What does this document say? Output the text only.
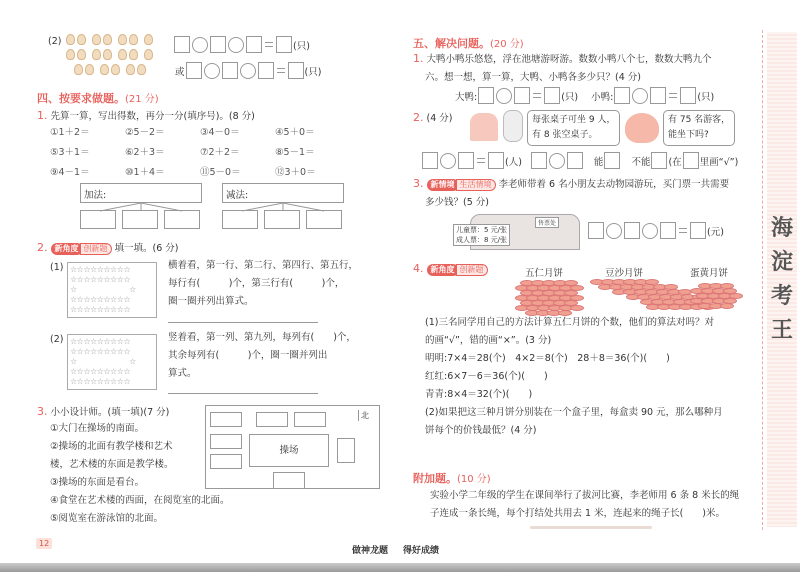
(2)	(只)
或	(只)
四、按要求做题。(21 分)
1. 先算一算，写出得数，再分一分(填序号)。(8 分)
①1＋2＝	②5－2＝	③4－0＝	④5＋0＝
⑤3＋1＝	⑥2＋3＝	⑦2＋2＝	⑧5－1＝
⑨4－1＝	⑩1＋4＝	⑪5－0＝	⑫3＋0＝
加法:	减法:
2. 新角度 创新题 填一填。(6 分)
(1) ☆☆☆☆☆☆☆☆☆
☆☆☆☆☆☆☆☆☆
☆　　　　　　　☆
☆☆☆☆☆☆☆☆☆
☆☆☆☆☆☆☆☆☆
横着看，第一行、第二行、第四行、第五行，
每行有(　　　)个，第三行有(　　　)个，
圈一圈并列出算式。
(2) ☆☆☆☆☆☆☆☆☆
☆☆☆☆☆☆☆☆☆
☆　　　　　　　☆
☆☆☆☆☆☆☆☆☆
☆☆☆☆☆☆☆☆☆
竖着看，第一列、第九列，每列有(　　)个，
其余每列有(　　　)个，圈一圈并列出
算式。
3. 小小设计师。(填一填)(7 分)
①大门在操场的南面。
②操场的北面有教学楼和艺术
楼，艺术楼的东面是教学楼。
③操场的东面是看台。
④食堂在艺术楼的西面，在阅览室的北面。
⑤阅览室在游泳馆的北面。
操场
北
12
做神龙题 得好成绩
五、解决问题。(20 分)
1. 大鸭小鸭乐悠悠，浮在池塘游呀游。数数小鸭八个七，数数大鸭九个
六。想一想，算一算，大鸭、小鸭各多少只？(4 分)
大鸭:	(只) 小鸭:	(只)
2. (4 分)	每张桌子可坐 9 人，
有 8 张空桌子。
有 75 名游客，
能坐下吗?
(人)	能	不能 (在 里画“√”)
3. 新情境 生活情境 李老师带着 6 名小朋友去动物园游玩，买门票一共需要
多少钱？(5 分)
售票处
儿童票：5 元/张
成人票：8 元/张
(元)
4. 新角度 创新题	五仁月饼	豆沙月饼	蛋黄月饼
(1)三名同学用自己的方法计算五仁月饼的个数，他们的算法对吗？对
的画“√”，错的画“×”。(3 分)
明明:7×4＝28(个)　4×2＝8(个)　28＋8＝36(个)(　　)
红红:6×7－6＝36(个)(　　)
青青:8×4＝32(个)(　　)
(2)如果把这三种月饼分别装在一个盒子里，每盒卖 90 元，那么哪种月
饼每个的价钱最低？(4 分)
附加题。(10 分)
实验小学二年级的学生在课间举行了拔河比赛，李老师用 6 条 8 米长的绳
子连成一条长绳，每个打结处共用去 1 米，连起来的绳子长(　　)米。
海淀考王
